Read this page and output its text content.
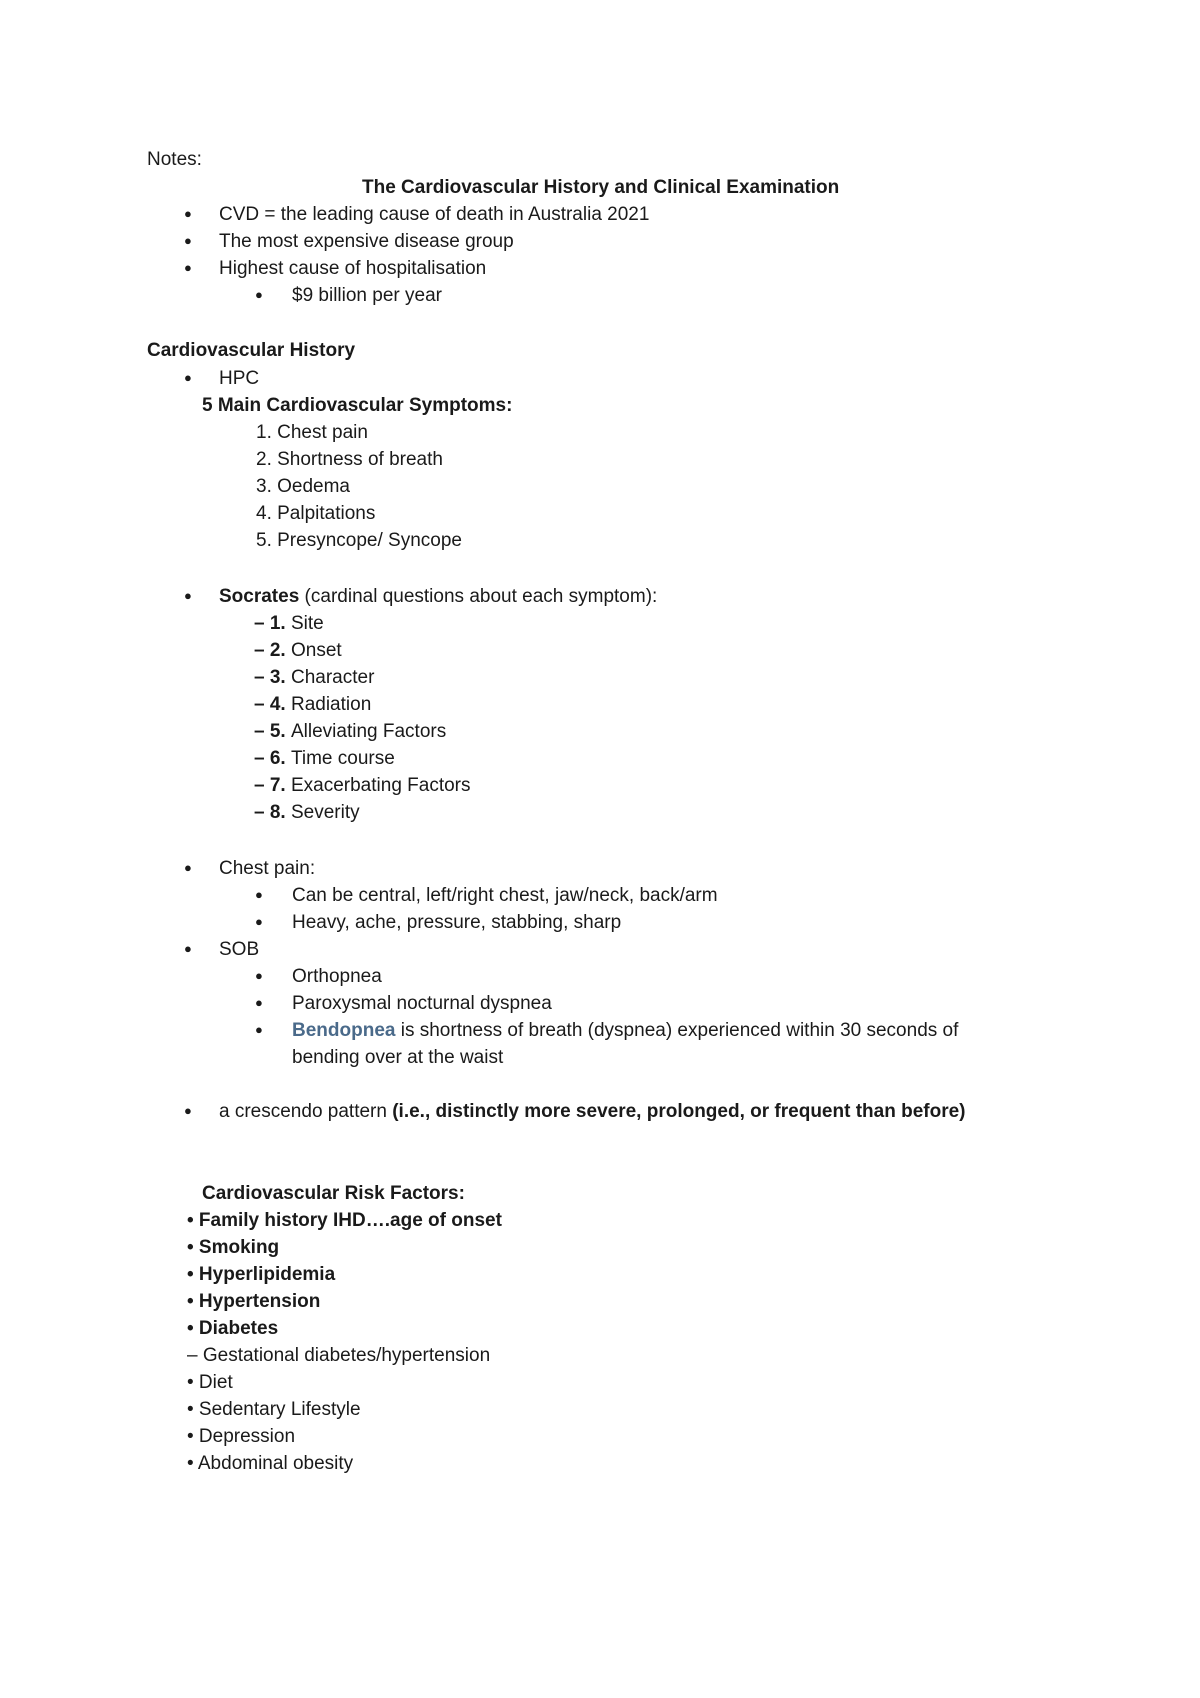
Notes:
The Cardiovascular History and Clinical Examination
● CVD = the leading cause of death in Australia 2021
● The most expensive disease group
● Highest cause of hospitalisation
● $9 billion per year
Cardiovascular History
● HPC
5 Main Cardiovascular Symptoms:
1. Chest pain
2. Shortness of breath
3. Oedema
4. Palpitations
5. Presyncope/ Syncope
● Socrates (cardinal questions about each symptom):
– 1. Site
– 2. Onset
– 3. Character
– 4. Radiation
– 5. Alleviating Factors
– 6. Time course
– 7. Exacerbating Factors
– 8. Severity
● Chest pain:
● Can be central, left/right chest, jaw/neck, back/arm
● Heavy, ache, pressure, stabbing, sharp
● SOB
● Orthopnea
● Paroxysmal nocturnal dyspnea
● Bendopnea is shortness of breath (dyspnea) experienced within 30 seconds of
bending over at the waist
● a crescendo pattern (i.e., distinctly more severe, prolonged, or frequent than before)
Cardiovascular Risk Factors:
• Family history IHD….age of onset
• Smoking
• Hyperlipidemia
• Hypertension
• Diabetes
– Gestational diabetes/hypertension
• Diet
• Sedentary Lifestyle
• Depression
• Abdominal obesity
